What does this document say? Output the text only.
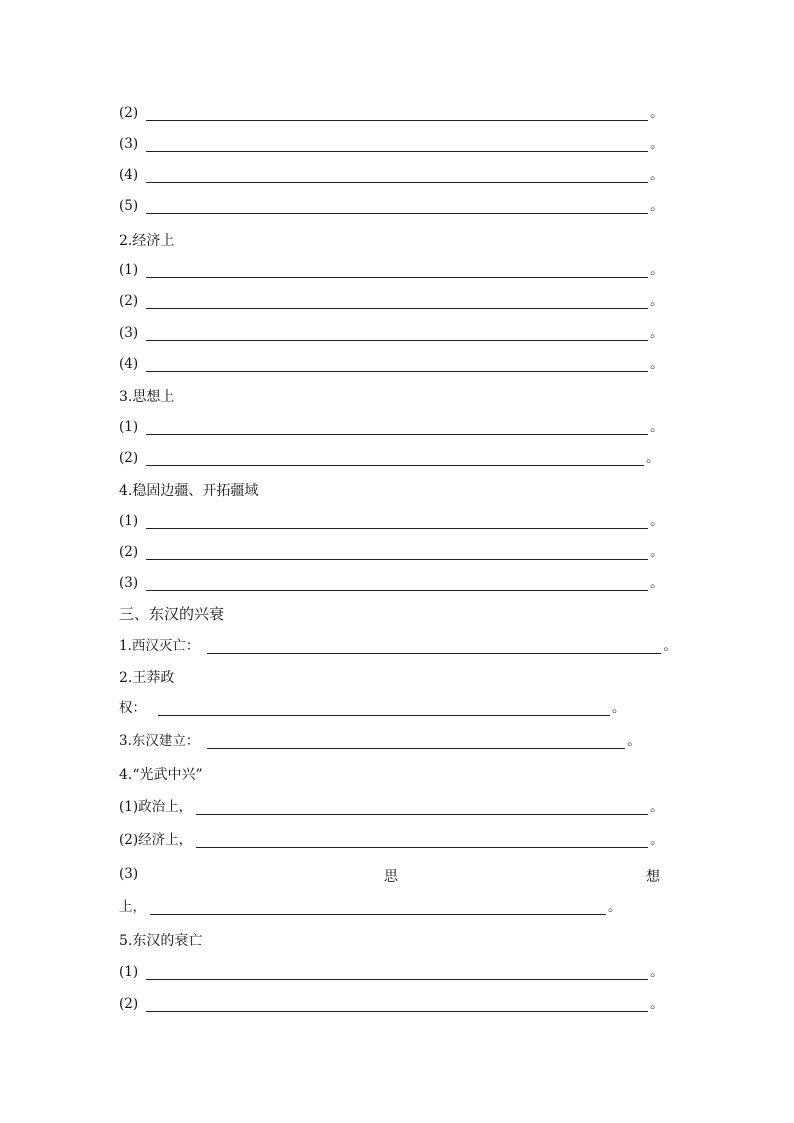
(2)	。
(3)	。
(4)	。
(5)	。
2.经济上
(1)	。
(2)	。
(3)	。
(4)	。
3.思想上
(1)	。
(2)	。
4.稳固边疆、开拓疆域
(1)	。
(2)	。
(3)	。
三、东汉的兴衰
1.西汉灭亡：	。
2.王莽政
权：	。
3.东汉建立：	。
4.“光武中兴”
(1)政治上，	。
(2)经济上，	。
(3)	思	想
上，	。
5.东汉的衰亡
(1)	。
(2)	。
